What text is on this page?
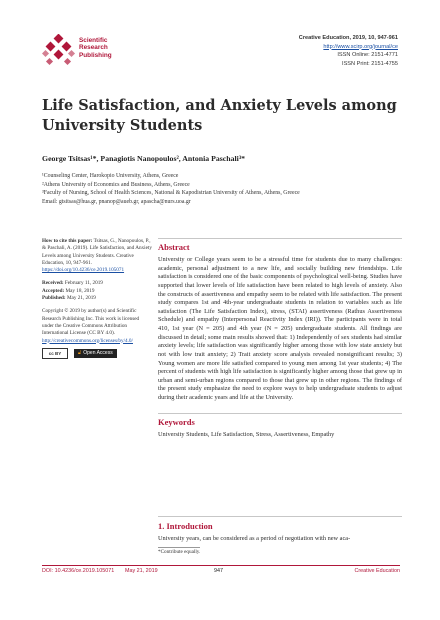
Scientific
Research
Publishing
Creative Education, 2019, 10, 947-961
http://www.scirp.org/journal/ce
ISSN Online: 2151-4771
ISSN Print: 2151-4755
Life Satisfaction, and Anxiety Levels among University Students
George Tsitsas¹*, Panagiotis Nanopoulos², Antonia Paschali³*
¹Counseling Center, Harokopio University, Athens, Greece
²Athens University of Economics and Business, Athens, Greece
³Faculty of Nursing, School of Health Sciences, National & Kapodistrian University of Athens, Athens, Greece
Email: gtsitsas@hua.gr, pnanop@aueb.gr, apascha@nurs.uoa.gr
How to cite this paper: Tsitsas, G., Nanopoulos, P., & Paschali, A. (2019). Life Satisfaction, and Anxiety Levels among University Students. Creative Education, 10, 947-961.
https://doi.org/10.4236/ce.2019.105071
Received: February 11, 2019
Accepted: May 18, 2019
Published: May 21, 2019
Copyright © 2019 by author(s) and Scientific Research Publishing Inc. This work is licensed under the Creative Commons Attribution International License (CC BY 4.0).
http://creativecommons.org/licenses/by/4.0/
cc BY	🔓︎ Open Access
Abstract

University or College years seem to be a stressful time for students due to many challenges: academic, personal adjustment to a new life, and socially building new friendships. Life satisfaction is considered one of the basic components of psychological well-being. Studies have supported that lower levels of life satisfaction have been related to high levels of anxiety. Also the constructs of assertiveness and empathy seem to be related with life satisfaction. The present study compares 1st and 4th-year undergraduate students in relation to variables such as life satisfaction (The Life Satisfaction Index), stress, (STAI) assertiveness (Rathus Assertiveness Schedule) and empathy (Interpersonal Reactivity Index (IRI)). The participants were in total 410, 1st year (N = 205) and 4th year (N = 205) undergraduate students. All findings are discussed in detail; some main results showed that: 1) Independently of sex students had similar anxiety levels; life satisfaction was significantly higher among those with low state anxiety but not with low trait anxiety; 2) Trait anxiety score analysis revealed nonsignificant results; 3) Young women are more life satisfied compared to young men among 1st year students; 4) The percent of students with high life satisfaction is significantly higher among those that grew up in urban and semi-urban regions compared to those that grew up in other regions. The findings of the present study emphasize the need to explore ways to help undergraduate students to adjust during their academic years and life at the University.

Keywords
University Students, Life Satisfaction, Stress, Assertiveness, Empathy
1. Introduction
University years, can be considered as a period of negotiation with new aca-
*Contribute equally.
DOI: 10.4236/ce.2019.105071 May 21, 2019	947	Creative Education
